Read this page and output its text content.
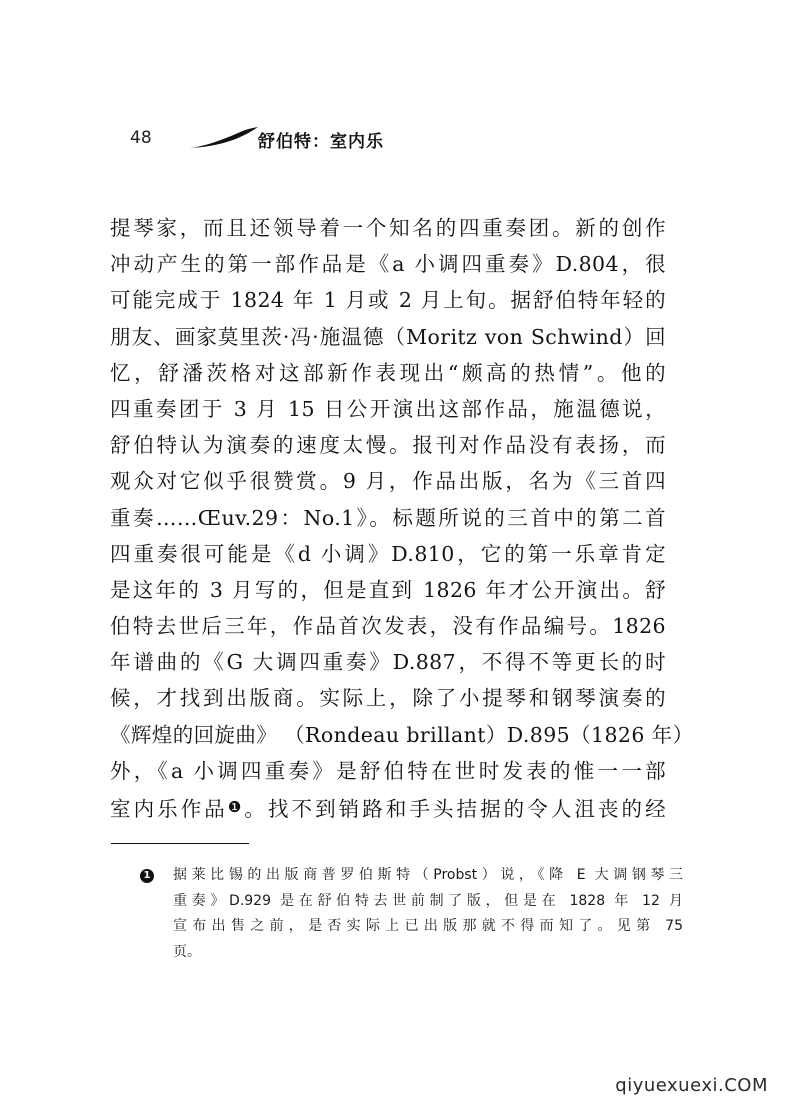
48	舒伯特：室内乐
提琴家，而且还领导着一个知名的四重奏团。新的创作
冲动产生的第一部作品是《a 小调四重奏》D.804，很
可能完成于 1824 年 1 月或 2 月上旬。据舒伯特年轻的
朋友、画家莫里茨·冯·施温德（Moritz von Schwind）回
忆，舒潘茨格对这部新作表现出“颇高的热情”。他的
四重奏团于 3 月 15 日公开演出这部作品，施温德说，
舒伯特认为演奏的速度太慢。报刊对作品没有表扬，而
观众对它似乎很赞赏。9 月，作品出版，名为《三首四
重奏……Œuv.29：No.1》。标题所说的三首中的第二首
四重奏很可能是《d 小调》D.810，它的第一乐章肯定
是这年的 3 月写的，但是直到 1826 年才公开演出。舒
伯特去世后三年，作品首次发表，没有作品编号。1826
年谱曲的《G 大调四重奏》D.887，不得不等更长的时
候，才找到出版商。实际上，除了小提琴和钢琴演奏的
《辉煌的回旋曲》 （Rondeau brillant）D.895（1826 年）
外，《a 小调四重奏》是舒伯特在世时发表的惟一一部
室内乐作品❶。找不到销路和手头拮据的令人沮丧的经
1 据莱比锡的出版商普罗伯斯特（Probst）说，《降 E 大调钢琴三
重奏》D.929 是在舒伯特去世前制了版，但是在 1828 年 12 月
宣布出售之前，是否实际上已出版那就不得而知了。见第 75
页。
qiyuexuexi.COM
